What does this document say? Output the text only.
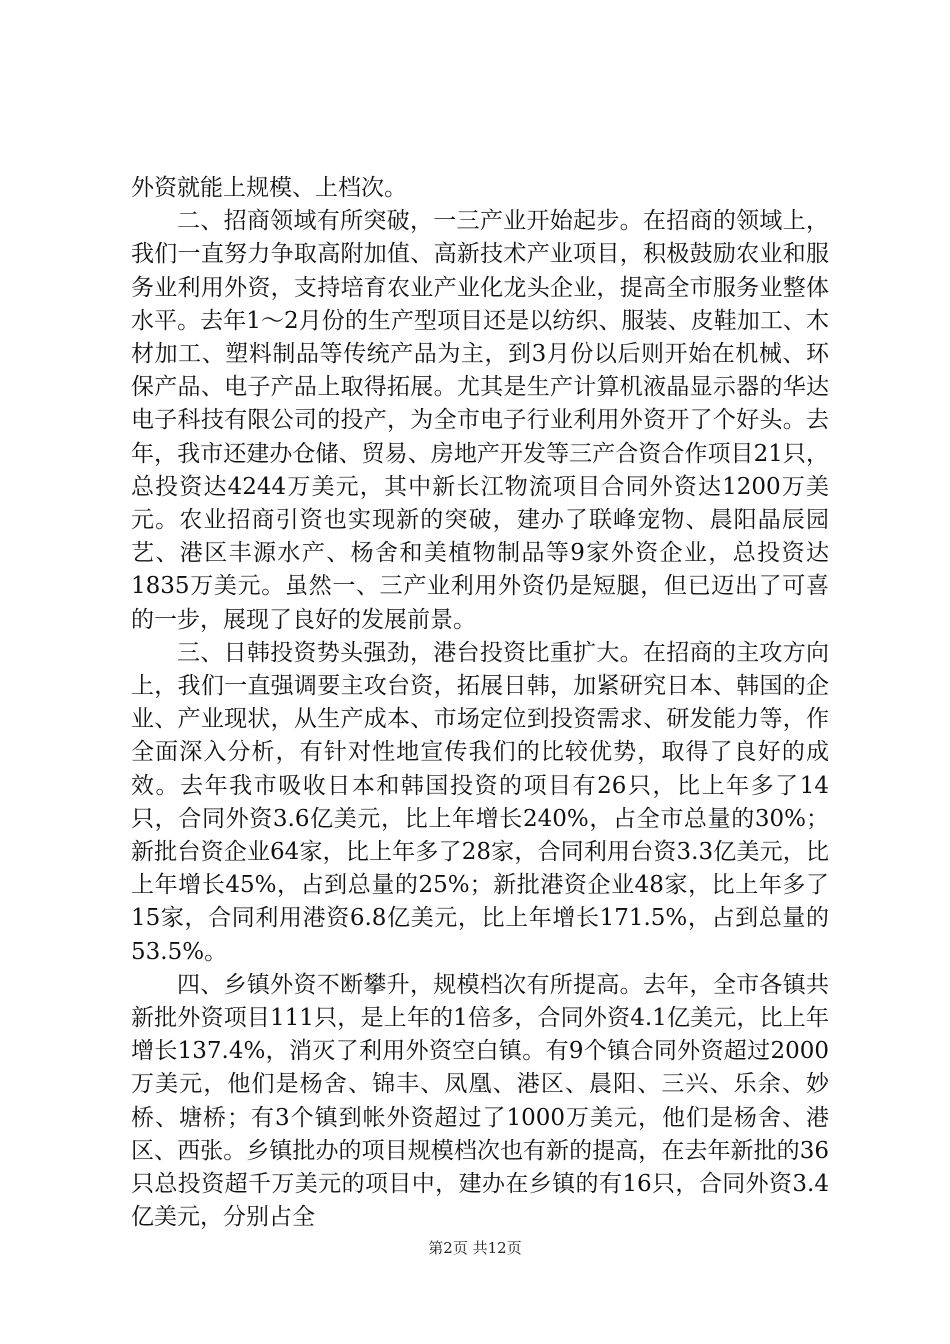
外资就能上规模、上档次。

二、招商领域有所突破，一三产业开始起步。在招商的领域上，我们一直努力争取高附加值、高新技术产业项目，积极鼓励农业和服务业利用外资，支持培育农业产业化龙头企业，提高全市服务业整体水平。去年1～2月份的生产型项目还是以纺织、服装、皮鞋加工、木材加工、塑料制品等传统产品为主，到3月份以后则开始在机械、环保产品、电子产品上取得拓展。尤其是生产计算机液晶显示器的华达电子科技有限公司的投产，为全市电子行业利用外资开了个好头。去年，我市还建办仓储、贸易、房地产开发等三产合资合作项目21只，总投资达4244万美元，其中新长江物流项目合同外资达1200万美元。农业招商引资也实现新的突破，建办了联峰宠物、晨阳晶辰园艺、港区丰源水产、杨舍和美植物制品等9家外资企业，总投资达1835万美元。虽然一、三产业利用外资仍是短腿，但已迈出了可喜的一步，展现了良好的发展前景。

三、日韩投资势头强劲，港台投资比重扩大。在招商的主攻方向上，我们一直强调要主攻台资，拓展日韩，加紧研究日本、韩国的企业、产业现状，从生产成本、市场定位到投资需求、研发能力等，作全面深入分析，有针对性地宣传我们的比较优势，取得了良好的成效。去年我市吸收日本和韩国投资的项目有26只，比上年多了14只，合同外资3.6亿美元，比上年增长240%，占全市总量的30%；新批台资企业64家，比上年多了28家，合同利用台资3.3亿美元，比上年增长45%，占到总量的25%；新批港资企业48家，比上年多了15家，合同利用港资6.8亿美元，比上年增长171.5%，占到总量的53.5%。

四、乡镇外资不断攀升，规模档次有所提高。去年，全市各镇共新批外资项目111只，是上年的1倍多，合同外资4.1亿美元，比上年增长137.4%，消灭了利用外资空白镇。有9个镇合同外资超过2000万美元，他们是杨舍、锦丰、凤凰、港区、晨阳、三兴、乐余、妙桥、塘桥；有3个镇到帐外资超过了1000万美元，他们是杨舍、港区、西张。乡镇批办的项目规模档次也有新的提高，在去年新批的36只总投资超千万美元的项目中，建办在乡镇的有16只，合同外资3.4亿美元，分别占全

第2页 共12页
